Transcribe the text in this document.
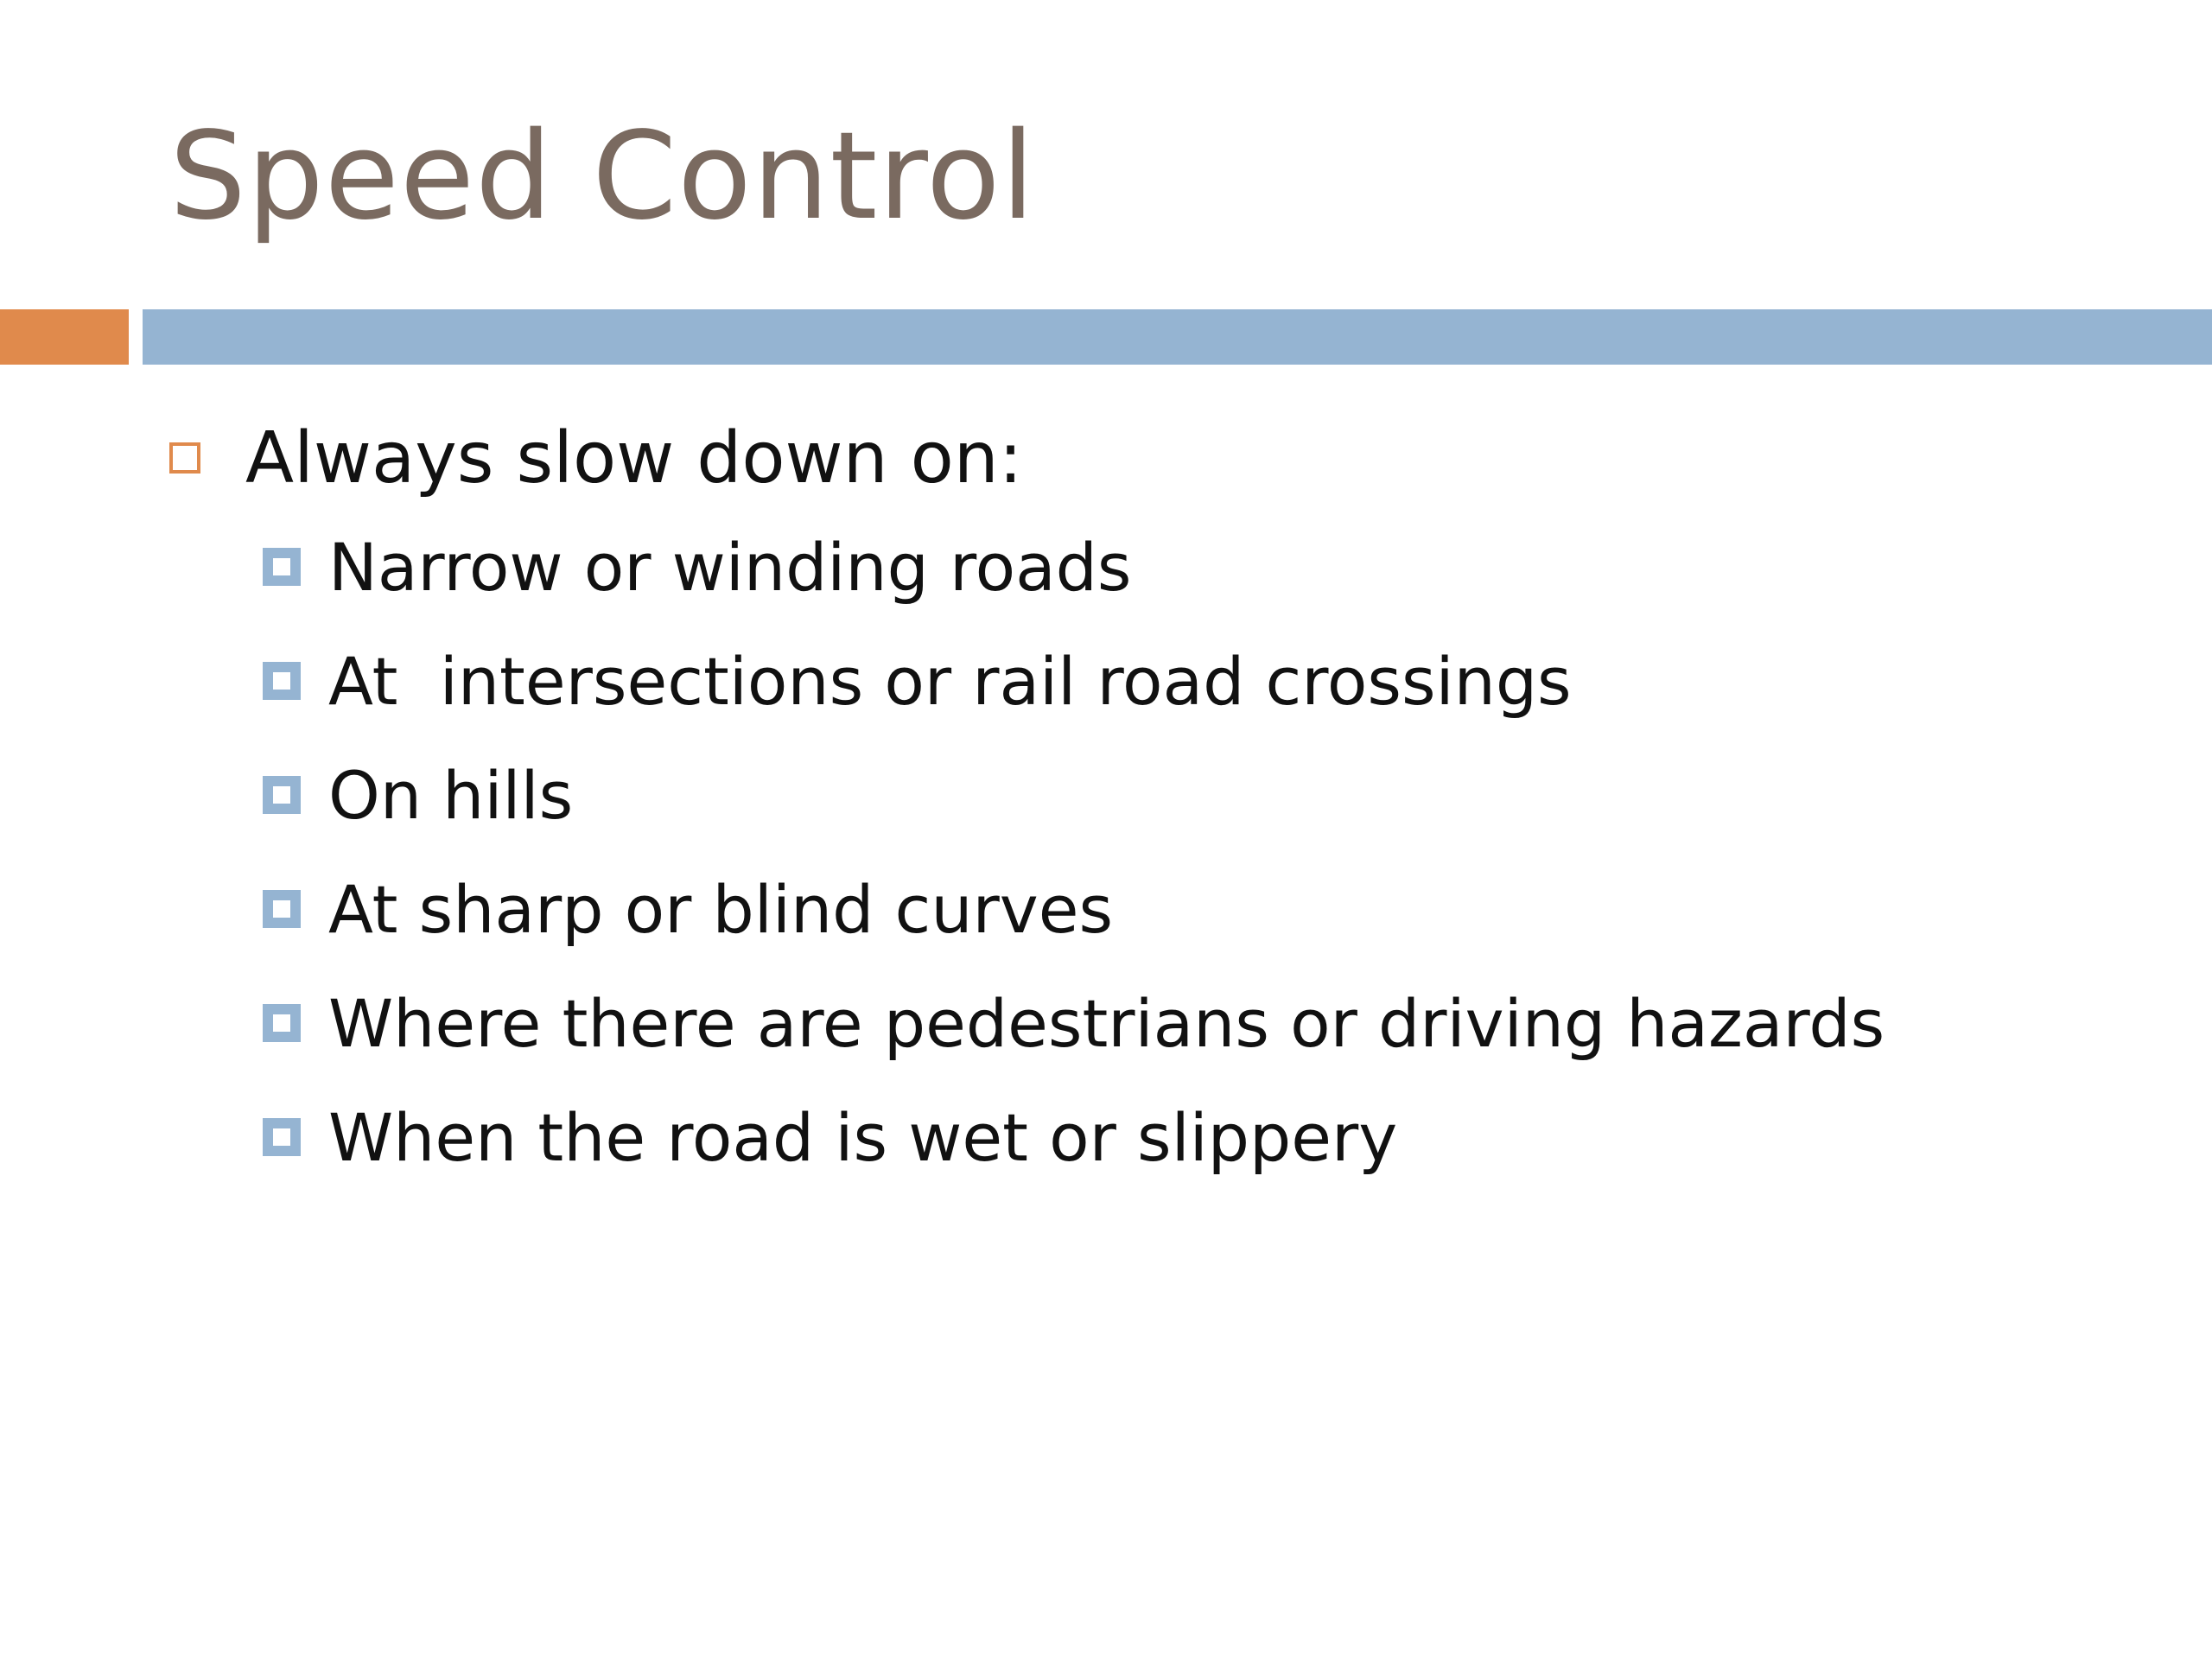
Speed Control
Always slow down on:
Narrow or winding roads
At  intersections or rail road crossings
On hills
At sharp or blind curves
Where there are pedestrians or driving hazards
When the road is wet or slippery
